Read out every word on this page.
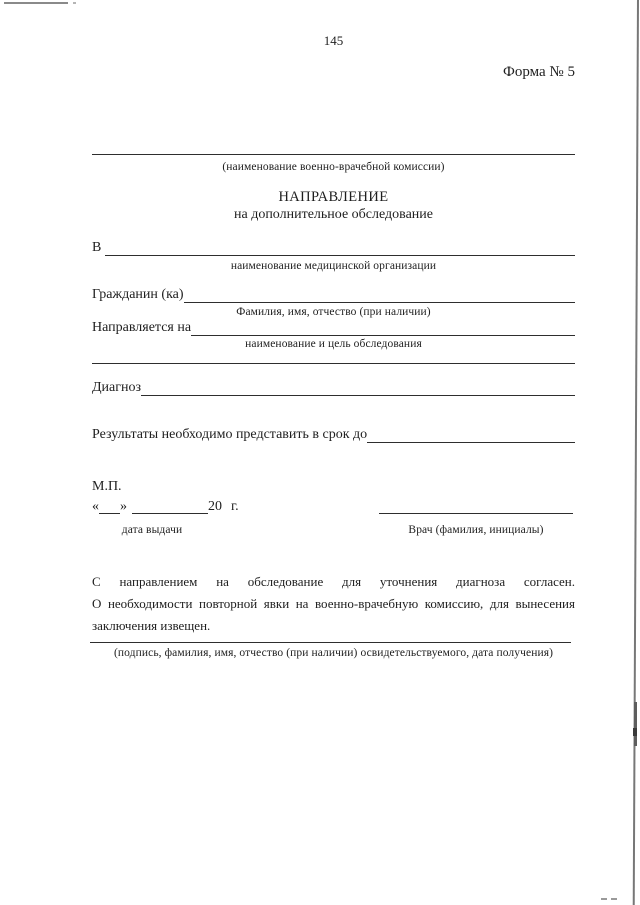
145
Форма № 5
(наименование военно-врачебной комиссии)
НАПРАВЛЕНИЕ
на дополнительное обследование
В
наименование медицинской организации
Гражданин (ка)
Фамилия, имя, отчество (при наличии)
Направляется на
наименование и цель обследования
Диагноз
Результаты необходимо представить в срок до
М.П.
« »	20 г.
дата выдачи	Врач (фамилия, инициалы)
С направлением на обследование для уточнения диагноза согласен.
О необходимости повторной явки на военно-врачебную комиссию, для вынесения
заключения извещен.
(подпись, фамилия, имя, отчество (при наличии) освидетельствуемого, дата получения)
